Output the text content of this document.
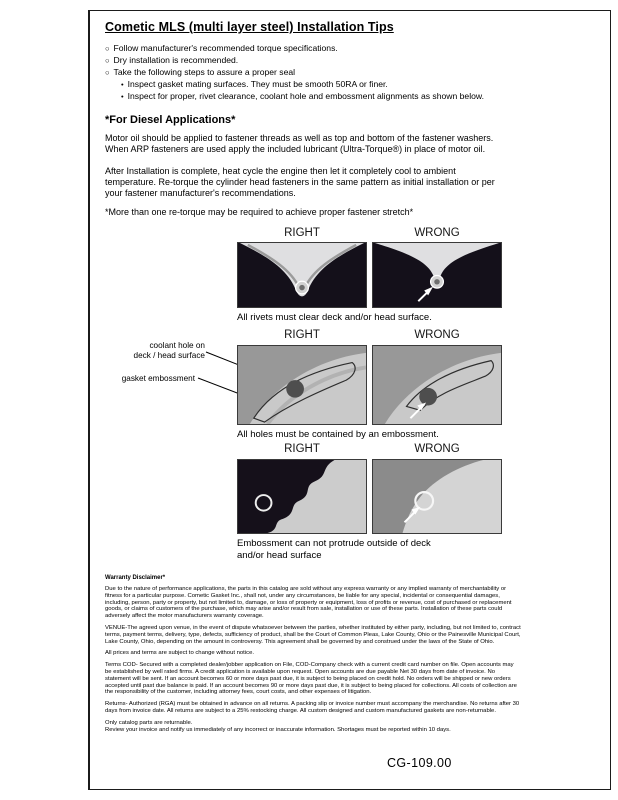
Cometic MLS (multi layer steel) Installation Tips
○ Follow manufacturer's recommended torque specifications.
○ Dry installation is recommended.
○ Take the following steps to assure a proper seal
• Inspect gasket mating surfaces. They must be smooth 50RA or finer.
• Inspect for proper, rivet clearance, coolant hole and embossment alignments as shown below.
*For Diesel Applications*
Motor oil should be applied to fastener threads as well as top and bottom of the fastener washers. When ARP fasteners are used apply the included lubricant (Ultra-Torque®) in place of motor oil.
After Installation is complete, heat cycle the engine then let it completely cool to ambient temperature. Re-torque the cylinder head fasteners in the same pattern as initial installation or per your fastener manufacturer's recommendations.
*More than one re-torque may be required to achieve proper fastener stretch*
RIGHT	WRONG
All rivets must clear deck and/or head surface.
RIGHT	WRONG
coolant hole on
deck / head surface
gasket embossment
All holes must be contained by an embossment.
RIGHT	WRONG
Embossment can not protrude outside of deck and/or head surface
Warranty Disclaimer*
Due to the nature of performance applications, the parts in this catalog are sold without any express warranty or any implied warranty of merchantability or fitness for a particular purpose. Cometic Gasket Inc., shall not, under any circumstances, be liable for any special, incidental or consequential damages, including, person, party or property, but not limited to, damage, or loss of property or equipment, loss of profits or revenue, cost of purchased or replacement goods, or claims of customers of the purchase, which may arise and/or result from sale, installation or use of these parts. Installation of these parts could adversely affect the motor manufacturers warranty coverage.
VENUE-The agreed upon venue, in the event of dispute whatsoever between the parties, whether instituted by either party, including, but not limited to, contract terms, payment terms, delivery, type, defects, sufficiency of product, shall be the Court of Common Pleas, Lake County, Ohio or the Painesville Municipal Court, Lake County, Ohio, depending on the amount in controversy. This agreement shall be governed by and construed under the laws of the State of Ohio.
All prices and terms are subject to change without notice.
Terms COD- Secured with a completed dealer/jobber application on File, COD-Company check with a current credit card number on file. Open accounts may be established by well rated firms. A credit application is available upon request. Open accounts are due payable Net 30 days from date of invoice. No statement will be sent. If an account becomes 60 or more days past due, it is subject to being placed on credit hold. No orders will be shipped or new orders accepted until past due balance is paid. If an account becomes 90 or more days past due, it is subject to being placed for collections. All costs of collection are the responsibility of the customer, including attorney fees, court costs, and other expenses of litigation.
Returns- Authorized (RGA) must be obtained in advance on all returns. A packing slip or invoice number must accompany the merchandise. No returns after 30 days from invoice date. All returns are subject to a 25% restocking charge. All custom designed and custom manufactured gaskets are non-returnable.
Only catalog parts are returnable.
Review your invoice and notify us immediately of any incorrect or inaccurate information. Shortages must be reported within 10 days.
CG-109.00
